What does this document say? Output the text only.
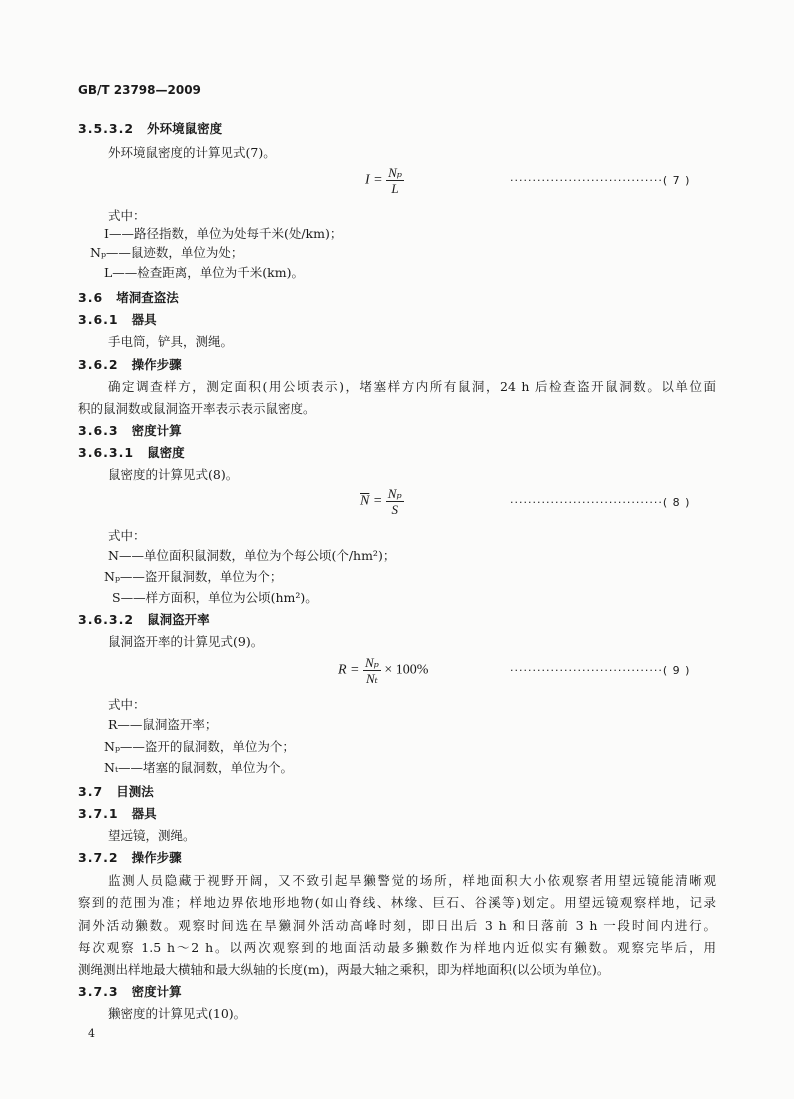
GB/T 23798—2009
3.5.3.2 外环境鼠密度
外环境鼠密度的计算见式(7)。
$I = \frac{\text{Nₚ}}{L}$	··································( 7 )
式中：
I——路径指数，单位为处每千米(处/km)；
Nₚ——鼠迹数，单位为处；
L——检查距离，单位为千米(km)。
3.6 堵洞查盗法
3.6.1 器具
手电筒，铲具，测绳。
3.6.2 操作步骤
确定调查样方，测定面积(用公顷表示)，堵塞样方内所有鼠洞，24 h 后检查盗开鼠洞数。以单位面
积的鼠洞数或鼠洞盗开率表示表示鼠密度。
3.6.3 密度计算
3.6.3.1 鼠密度
鼠密度的计算见式(8)。
$\overline{N} = \frac{\text{Nₚ}}{S}$	··································( 8 )
式中：
N——单位面积鼠洞数，单位为个每公顷(个/hm²)；
Nₚ——盗开鼠洞数，单位为个；
S——样方面积，单位为公顷(hm²)。
3.6.3.2 鼠洞盗开率
鼠洞盗开率的计算见式(9)。
$R = \frac{\text{Nₚ}}{\text{Nₜ}} \times 100\%$	··································( 9 )
式中：
R——鼠洞盗开率；
Nₚ——盗开的鼠洞数，单位为个；
Nₜ——堵塞的鼠洞数，单位为个。
3.7 目测法
3.7.1 器具
望远镜，测绳。
3.7.2 操作步骤
监测人员隐藏于视野开阔，又不致引起旱獭警觉的场所，样地面积大小依观察者用望远镜能清晰观
察到的范围为准；样地边界依地形地物(如山脊线、林缘、巨石、谷溪等)划定。用望远镜观察样地，记录
洞外活动獭数。观察时间选在旱獭洞外活动高峰时刻，即日出后 3 h 和日落前 3 h 一段时间内进行。
每次观察 1.5 h～2 h。以两次观察到的地面活动最多獭数作为样地内近似实有獭数。观察完毕后，用
测绳测出样地最大横轴和最大纵轴的长度(m)，两最大轴之乘积，即为样地面积(以公顷为单位)。
3.7.3 密度计算
獭密度的计算见式(10)。
4
